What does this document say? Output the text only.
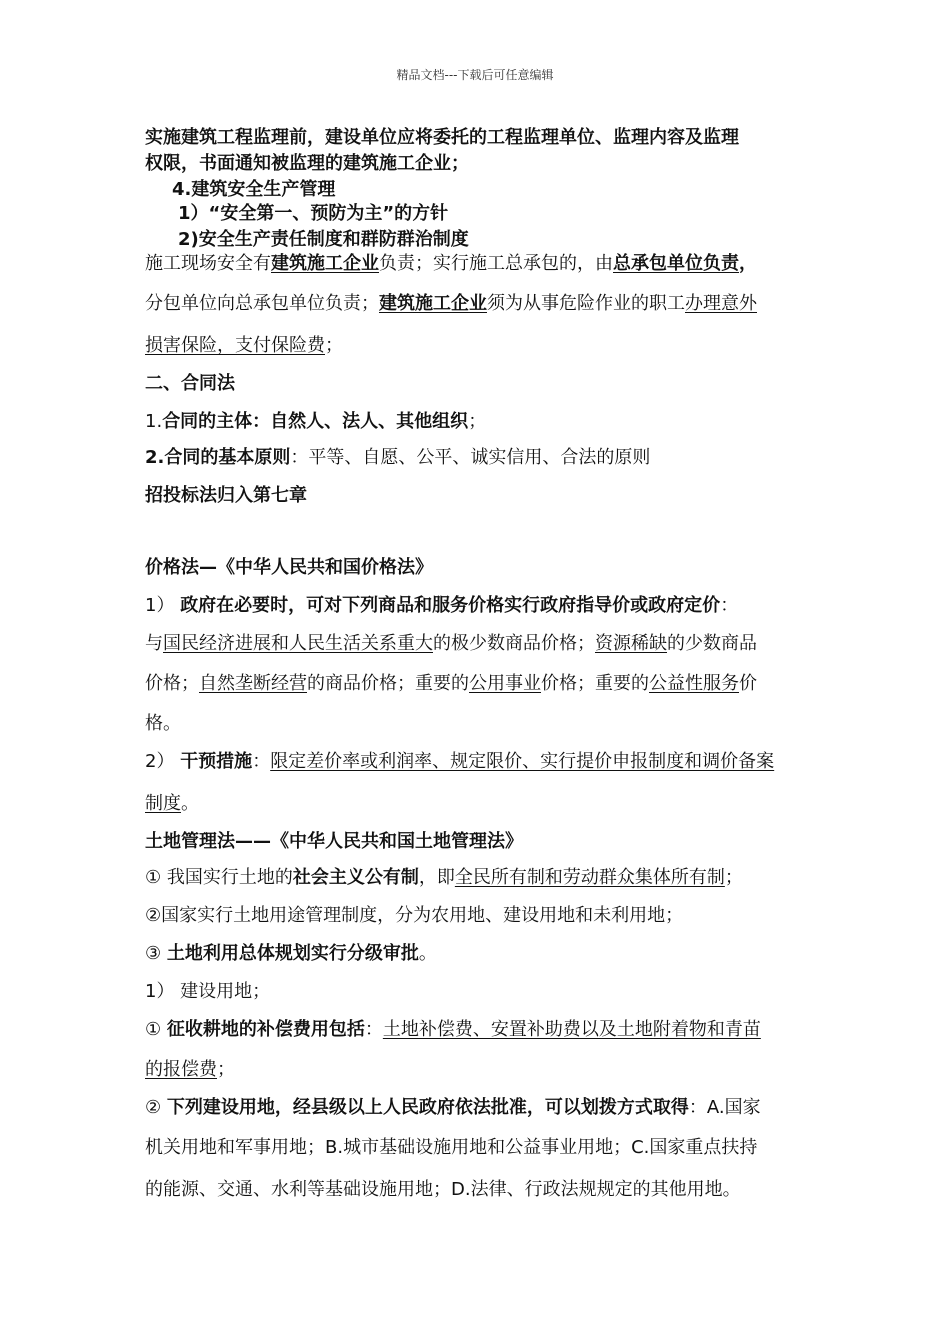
精品文档---下载后可任意编辑
实施建筑工程监理前，建设单位应将委托的工程监理单位、监理内容及监理
权限，书面通知被监理的建筑施工企业；
4.建筑安全生产管理
1）“安全第一、预防为主”的方针
2)安全生产责任制度和群防群治制度
施工现场安全有建筑施工企业负责；实行施工总承包的，由总承包单位负责，
分包单位向总承包单位负责；建筑施工企业须为从事危险作业的职工办理意外
损害保险，支付保险费；
二、合同法
1.合同的主体：自然人、法人、其他组织；
2.合同的基本原则：平等、自愿、公平、诚实信用、合法的原则
招投标法归入第七章
价格法—《中华人民共和国价格法》
1） 政府在必要时，可对下列商品和服务价格实行政府指导价或政府定价：
与国民经济进展和人民生活关系重大的极少数商品价格；资源稀缺的少数商品
价格；自然垄断经营的商品价格；重要的公用事业价格；重要的公益性服务价
格。
2） 干预措施：限定差价率或利润率、规定限价、实行提价申报制度和调价备案
制度。
土地管理法——《中华人民共和国土地管理法》
① 我国实行土地的社会主义公有制，即全民所有制和劳动群众集体所有制；
②国家实行土地用途管理制度，分为农用地、建设用地和未利用地；
③ 土地利用总体规划实行分级审批。
1） 建设用地；
① 征收耕地的补偿费用包括：土地补偿费、安置补助费以及土地附着物和青苗
的报偿费；
② 下列建设用地，经县级以上人民政府依法批准，可以划拨方式取得：A.国家
机关用地和军事用地；B.城市基础设施用地和公益事业用地；C.国家重点扶持
的能源、交通、水利等基础设施用地；D.法律、行政法规规定的其他用地。
